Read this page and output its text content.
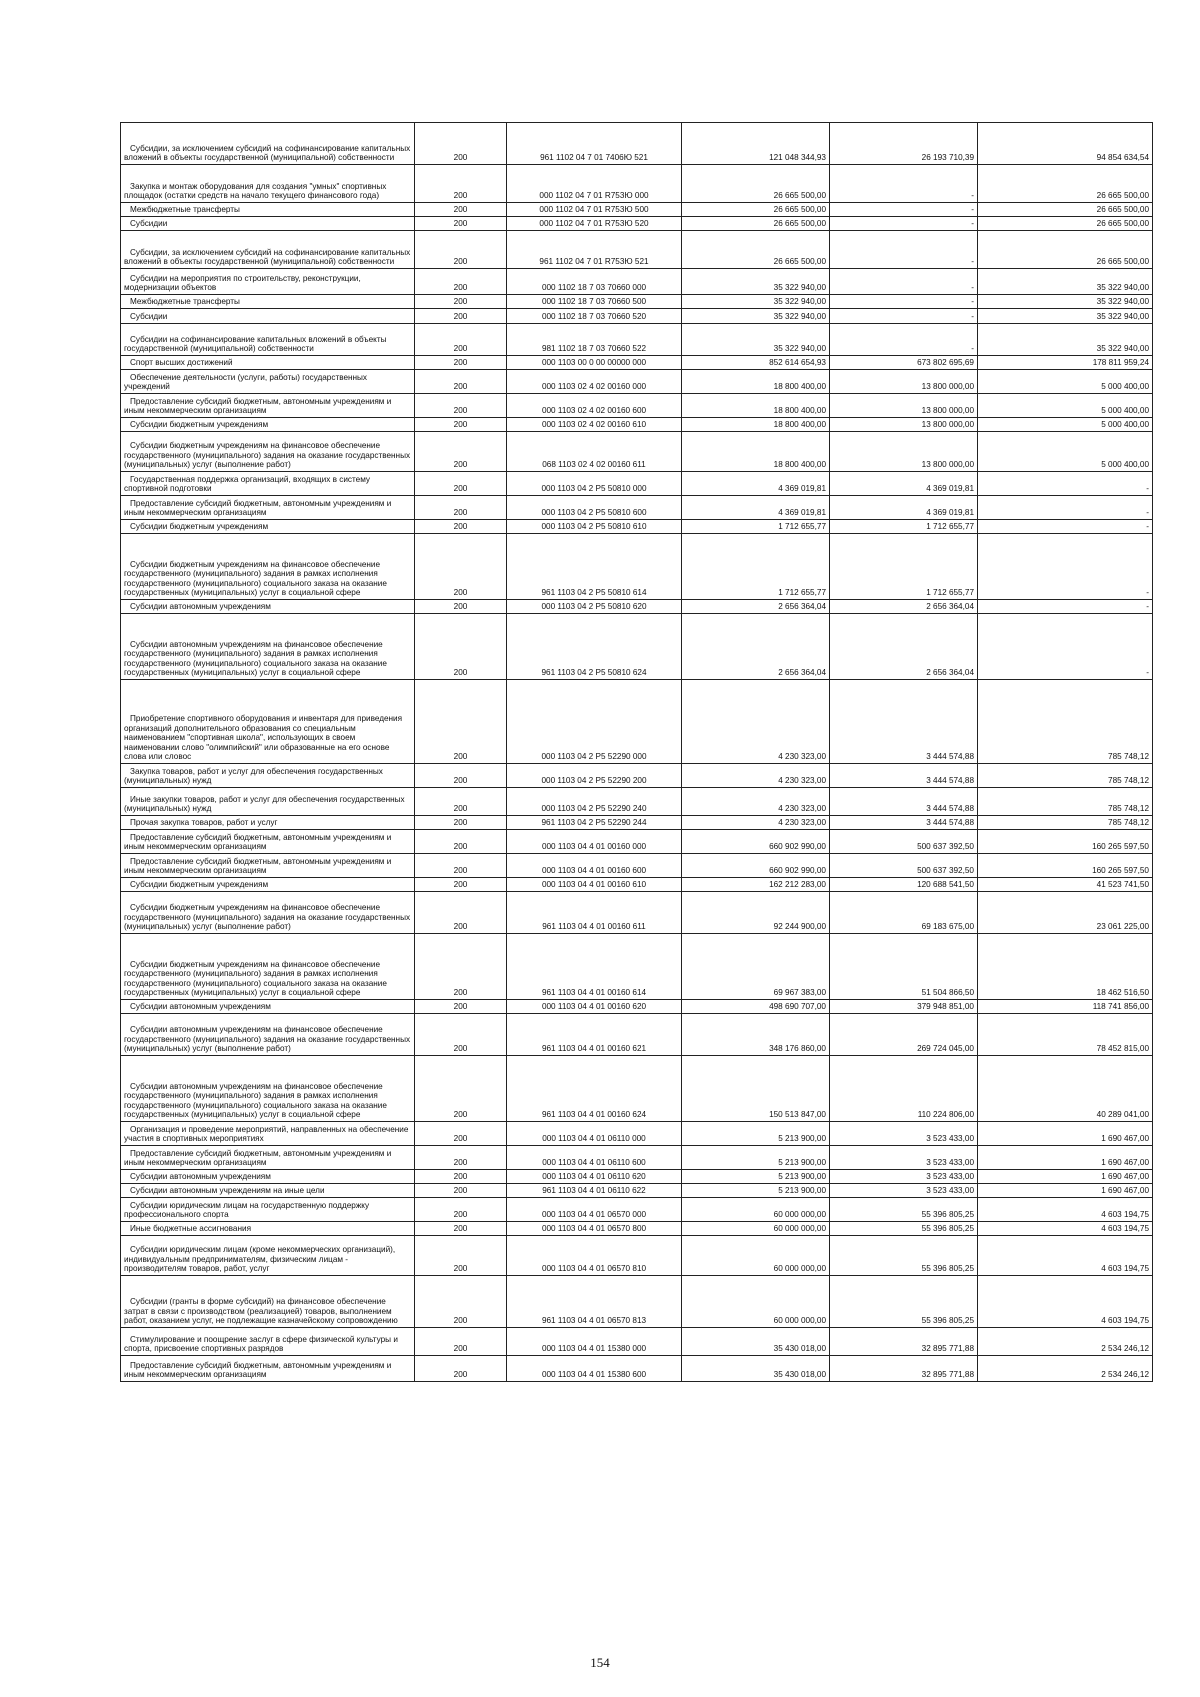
Субсидии, за исключением субсидий на софинансирование капитальных вложений в объекты государственной (муниципальной) собственности	200	961 1102 04 7 01 7406Ю 521	121 048 344,93	26 193 710,39	94 854 634,54
Закупка и монтаж оборудования для создания "умных" спортивных площадок (остатки средств на начало текущего финансового года)	200	000 1102 04 7 01 R753Ю 000	26 665 500,00	-	26 665 500,00
Межбюджетные трансферты	200	000 1102 04 7 01 R753Ю 500	26 665 500,00	-	26 665 500,00
Субсидии	200	000 1102 04 7 01 R753Ю 520	26 665 500,00	-	26 665 500,00
Субсидии, за исключением субсидий на софинансирование капитальных вложений в объекты государственной (муниципальной) собственности	200	961 1102 04 7 01 R753Ю 521	26 665 500,00	-	26 665 500,00
Субсидии на мероприятия по строительству, реконструкции, модернизации объектов	200	000 1102 18 7 03 70660 000	35 322 940,00	-	35 322 940,00
Межбюджетные трансферты	200	000 1102 18 7 03 70660 500	35 322 940,00	-	35 322 940,00
Субсидии	200	000 1102 18 7 03 70660 520	35 322 940,00	-	35 322 940,00
Субсидии на софинансирование капитальных вложений в объекты государственной (муниципальной) собственности	200	981 1102 18 7 03 70660 522	35 322 940,00	-	35 322 940,00
Спорт высших достижений	200	000 1103 00 0 00 00000 000	852 614 654,93	673 802 695,69	178 811 959,24
Обеспечение деятельности (услуги, работы) государственных учреждений	200	000 1103 02 4 02 00160 000	18 800 400,00	13 800 000,00	5 000 400,00
Предоставление субсидий бюджетным, автономным учреждениям и иным некоммерческим организациям	200	000 1103 02 4 02 00160 600	18 800 400,00	13 800 000,00	5 000 400,00
Субсидии бюджетным учреждениям	200	000 1103 02 4 02 00160 610	18 800 400,00	13 800 000,00	5 000 400,00
Субсидии бюджетным учреждениям на финансовое обеспечение государственного (муниципального) задания на оказание государственных (муниципальных) услуг (выполнение работ)	200	068 1103 02 4 02 00160 611	18 800 400,00	13 800 000,00	5 000 400,00
Государственная поддержка организаций, входящих в систему спортивной подготовки	200	000 1103 04 2 P5 50810 000	4 369 019,81	4 369 019,81	-
Предоставление субсидий бюджетным, автономным учреждениям и иным некоммерческим организациям	200	000 1103 04 2 P5 50810 600	4 369 019,81	4 369 019,81	-
Субсидии бюджетным учреждениям	200	000 1103 04 2 P5 50810 610	1 712 655,77	1 712 655,77	-
Субсидии бюджетным учреждениям на финансовое обеспечение государственного (муниципального) задания в рамках исполнения государственного (муниципального) социального заказа на оказание государственных (муниципальных) услуг в социальной сфере	200	961 1103 04 2 P5 50810 614	1 712 655,77	1 712 655,77	-
Субсидии автономным учреждениям	200	000 1103 04 2 P5 50810 620	2 656 364,04	2 656 364,04	-
Субсидии автономным учреждениям на финансовое обеспечение государственного (муниципального) задания в рамках исполнения государственного (муниципального) социального заказа на оказание государственных (муниципальных) услуг в социальной сфере	200	961 1103 04 2 P5 50810 624	2 656 364,04	2 656 364,04	-
Приобретение спортивного оборудования и инвентаря для приведения организаций дополнительного образования со специальным наименованием "спортивная школа", использующих в своем наименовании слово "олимпийский" или образованные на его основе слова или словос	200	000 1103 04 2 P5 52290 000	4 230 323,00	3 444 574,88	785 748,12
Закупка товаров, работ и услуг для обеспечения государственных (муниципальных) нужд	200	000 1103 04 2 P5 52290 200	4 230 323,00	3 444 574,88	785 748,12
Иные закупки товаров, работ и услуг для обеспечения государственных (муниципальных) нужд	200	000 1103 04 2 P5 52290 240	4 230 323,00	3 444 574,88	785 748,12
Прочая закупка товаров, работ и услуг	200	961 1103 04 2 P5 52290 244	4 230 323,00	3 444 574,88	785 748,12
Предоставление субсидий бюджетным, автономным учреждениям и иным некоммерческим организациям	200	000 1103 04 4 01 00160 000	660 902 990,00	500 637 392,50	160 265 597,50
Предоставление субсидий бюджетным, автономным учреждениям и иным некоммерческим организациям	200	000 1103 04 4 01 00160 600	660 902 990,00	500 637 392,50	160 265 597,50
Субсидии бюджетным учреждениям	200	000 1103 04 4 01 00160 610	162 212 283,00	120 688 541,50	41 523 741,50
Субсидии бюджетным учреждениям на финансовое обеспечение государственного (муниципального) задания на оказание государственных (муниципальных) услуг (выполнение работ)	200	961 1103 04 4 01 00160 611	92 244 900,00	69 183 675,00	23 061 225,00
Субсидии бюджетным учреждениям на финансовое обеспечение государственного (муниципального) задания в рамках исполнения государственного (муниципального) социального заказа на оказание государственных (муниципальных) услуг в социальной сфере	200	961 1103 04 4 01 00160 614	69 967 383,00	51 504 866,50	18 462 516,50
Субсидии автономным учреждениям	200	000 1103 04 4 01 00160 620	498 690 707,00	379 948 851,00	118 741 856,00
Субсидии автономным учреждениям на финансовое обеспечение государственного (муниципального) задания на оказание государственных (муниципальных) услуг (выполнение работ)	200	961 1103 04 4 01 00160 621	348 176 860,00	269 724 045,00	78 452 815,00
Субсидии автономным учреждениям на финансовое обеспечение государственного (муниципального) задания в рамках исполнения государственного (муниципального) социального заказа на оказание государственных (муниципальных) услуг в социальной сфере	200	961 1103 04 4 01 00160 624	150 513 847,00	110 224 806,00	40 289 041,00
Организация и проведение мероприятий, направленных на обеспечение участия в спортивных мероприятиях	200	000 1103 04 4 01 06110 000	5 213 900,00	3 523 433,00	1 690 467,00
Предоставление субсидий бюджетным, автономным учреждениям и иным некоммерческим организациям	200	000 1103 04 4 01 06110 600	5 213 900,00	3 523 433,00	1 690 467,00
Субсидии автономным учреждениям	200	000 1103 04 4 01 06110 620	5 213 900,00	3 523 433,00	1 690 467,00
Субсидии автономным учреждениям на иные цели	200	961 1103 04 4 01 06110 622	5 213 900,00	3 523 433,00	1 690 467,00
Субсидии юридическим лицам на государственную поддержку профессионального спорта	200	000 1103 04 4 01 06570 000	60 000 000,00	55 396 805,25	4 603 194,75
Иные бюджетные ассигнования	200	000 1103 04 4 01 06570 800	60 000 000,00	55 396 805,25	4 603 194,75
Субсидии юридическим лицам (кроме некоммерческих организаций), индивидуальным предпринимателям, физическим лицам - производителям товаров, работ, услуг	200	000 1103 04 4 01 06570 810	60 000 000,00	55 396 805,25	4 603 194,75
Субсидии (гранты в форме субсидий) на финансовое обеспечение затрат в связи с производством (реализацией) товаров, выполнением работ, оказанием услуг, не подлежащие казначейскому сопровождению	200	961 1103 04 4 01 06570 813	60 000 000,00	55 396 805,25	4 603 194,75
Стимулирование и поощрение заслуг в сфере физической культуры и спорта, присвоение спортивных разрядов	200	000 1103 04 4 01 15380 000	35 430 018,00	32 895 771,88	2 534 246,12
Предоставление субсидий бюджетным, автономным учреждениям и иным некоммерческим организациям	200	000 1103 04 4 01 15380 600	35 430 018,00	32 895 771,88	2 534 246,12
154
